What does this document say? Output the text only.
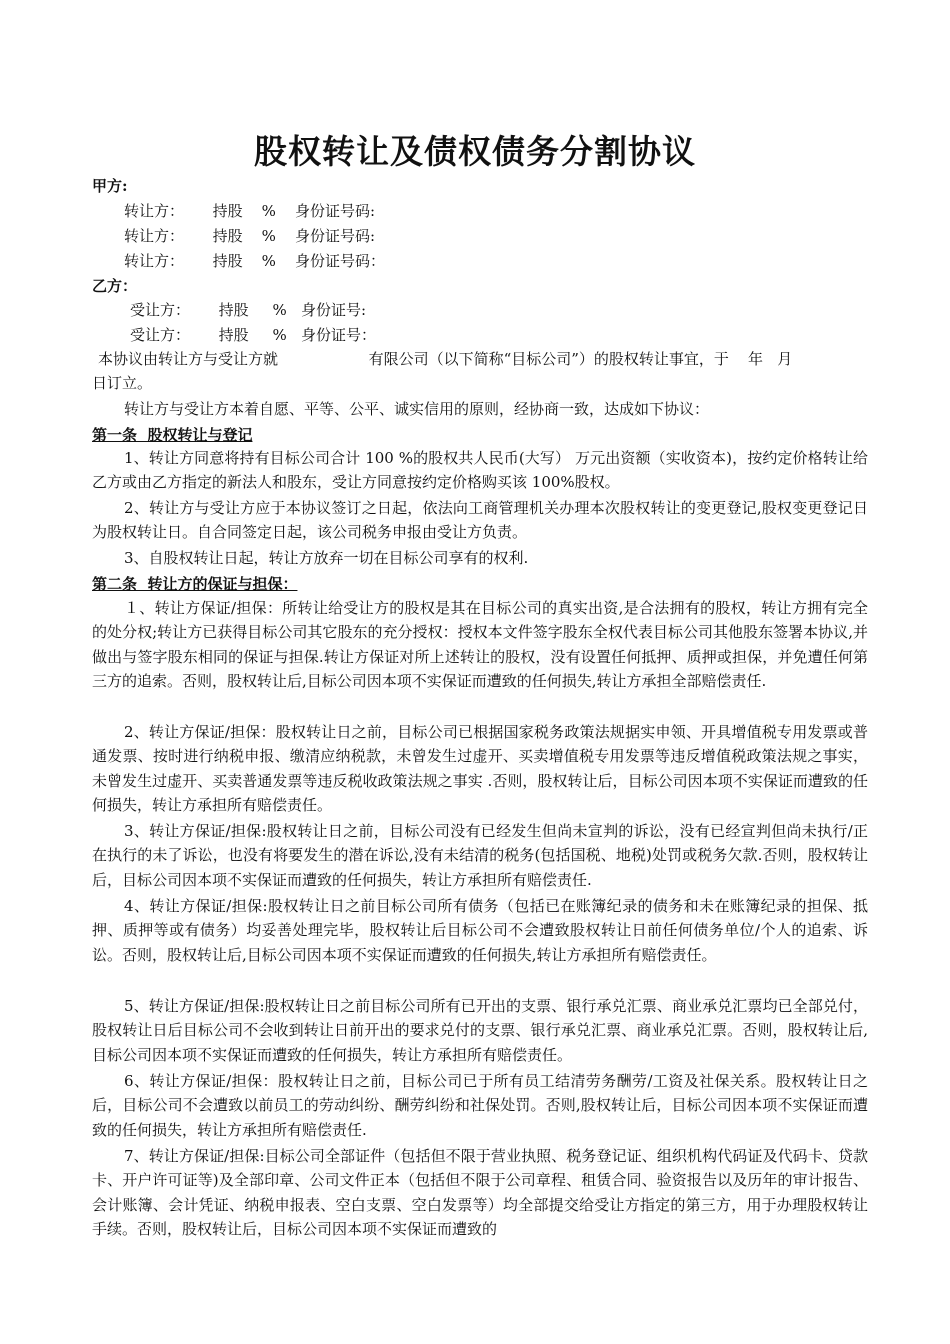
股权转让及债权债务分割协议
甲方:
转让方：      持股    %    身份证号码:
转让方：      持股    %    身份证号码:
转让方：      持股    %    身份证号码：
乙方：
受让方：      持股     %   身份证号:
受让方：      持股     %   身份证号：
本协议由转让方与受让方就                   有限公司（以下简称“目标公司”）的股权转让事宜，于    年   月
日订立。
转让方与受让方本着自愿、平等、公平、诚实信用的原则，经协商一致，达成如下协议：
第一条  股权转让与登记
1、转让方同意将持有目标公司合计 100 %的股权共人民币(大写） 万元出资额（实收资本)，按约定价格转让给乙方或由乙方指定的新法人和股东，受让方同意按约定价格购买该 100%股权。
2、转让方与受让方应于本协议签订之日起，依法向工商管理机关办理本次股权转让的变更登记,股权变更登记日为股权转让日。自合同签定日起，该公司税务申报由受让方负责。
3、自股权转让日起，转让方放弃一切在目标公司享有的权利.
第二条  转让方的保证与担保：
１、转让方保证/担保：所转让给受让方的股权是其在目标公司的真实出资,是合法拥有的股权，转让方拥有完全的处分权;转让方已获得目标公司其它股东的充分授权：授权本文件签字股东全权代表目标公司其他股东签署本协议,并做出与签字股东相同的保证与担保.转让方保证对所上述转让的股权，没有设置任何抵押、质押或担保，并免遭任何第三方的追索。否则，股权转让后,目标公司因本项不实保证而遭致的任何损失,转让方承担全部赔偿责任.
2、转让方保证/担保：股权转让日之前，目标公司已根据国家税务政策法规据实申领、开具增值税专用发票或普通发票、按时进行纳税申报、缴清应纳税款，未曾发生过虚开、买卖增值税专用发票等违反增值税政策法规之事实，未曾发生过虚开、买卖普通发票等违反税收政策法规之事实 .否则，股权转让后，目标公司因本项不实保证而遭致的任何损失，转让方承担所有赔偿责任。
3、转让方保证/担保:股权转让日之前，目标公司没有已经发生但尚未宣判的诉讼，没有已经宣判但尚未执行/正在执行的未了诉讼，也没有将要发生的潜在诉讼,没有未结清的税务(包括国税、地税)处罚或税务欠款.否则，股权转让后，目标公司因本项不实保证而遭致的任何损失，转让方承担所有赔偿责任.
4、转让方保证/担保:股权转让日之前目标公司所有债务（包括已在账簿纪录的债务和未在账簿纪录的担保、抵押、质押等或有债务）均妥善处理完毕，股权转让后目标公司不会遭致股权转让日前任何债务单位/个人的追索、诉讼。否则，股权转让后,目标公司因本项不实保证而遭致的任何损失,转让方承担所有赔偿责任。
5、转让方保证/担保:股权转让日之前目标公司所有已开出的支票、银行承兑汇票、商业承兑汇票均已全部兑付，股权转让日后目标公司不会收到转让日前开出的要求兑付的支票、银行承兑汇票、商业承兑汇票。否则，股权转让后,目标公司因本项不实保证而遭致的任何损失，转让方承担所有赔偿责任。
6、转让方保证/担保：股权转让日之前，目标公司已于所有员工结清劳务酬劳/工资及社保关系。股权转让日之后，目标公司不会遭致以前员工的劳动纠纷、酬劳纠纷和社保处罚。否则,股权转让后，目标公司因本项不实保证而遭致的任何损失，转让方承担所有赔偿责任.
7、转让方保证/担保:目标公司全部证件（包括但不限于营业执照、税务登记证、组织机构代码证及代码卡、贷款卡、开户许可证等)及全部印章、公司文件正本（包括但不限于公司章程、租赁合同、验资报告以及历年的审计报告、会计账簿、会计凭证、纳税申报表、空白支票、空白发票等）均全部提交给受让方指定的第三方，用于办理股权转让手续。否则，股权转让后，目标公司因本项不实保证而遭致的
